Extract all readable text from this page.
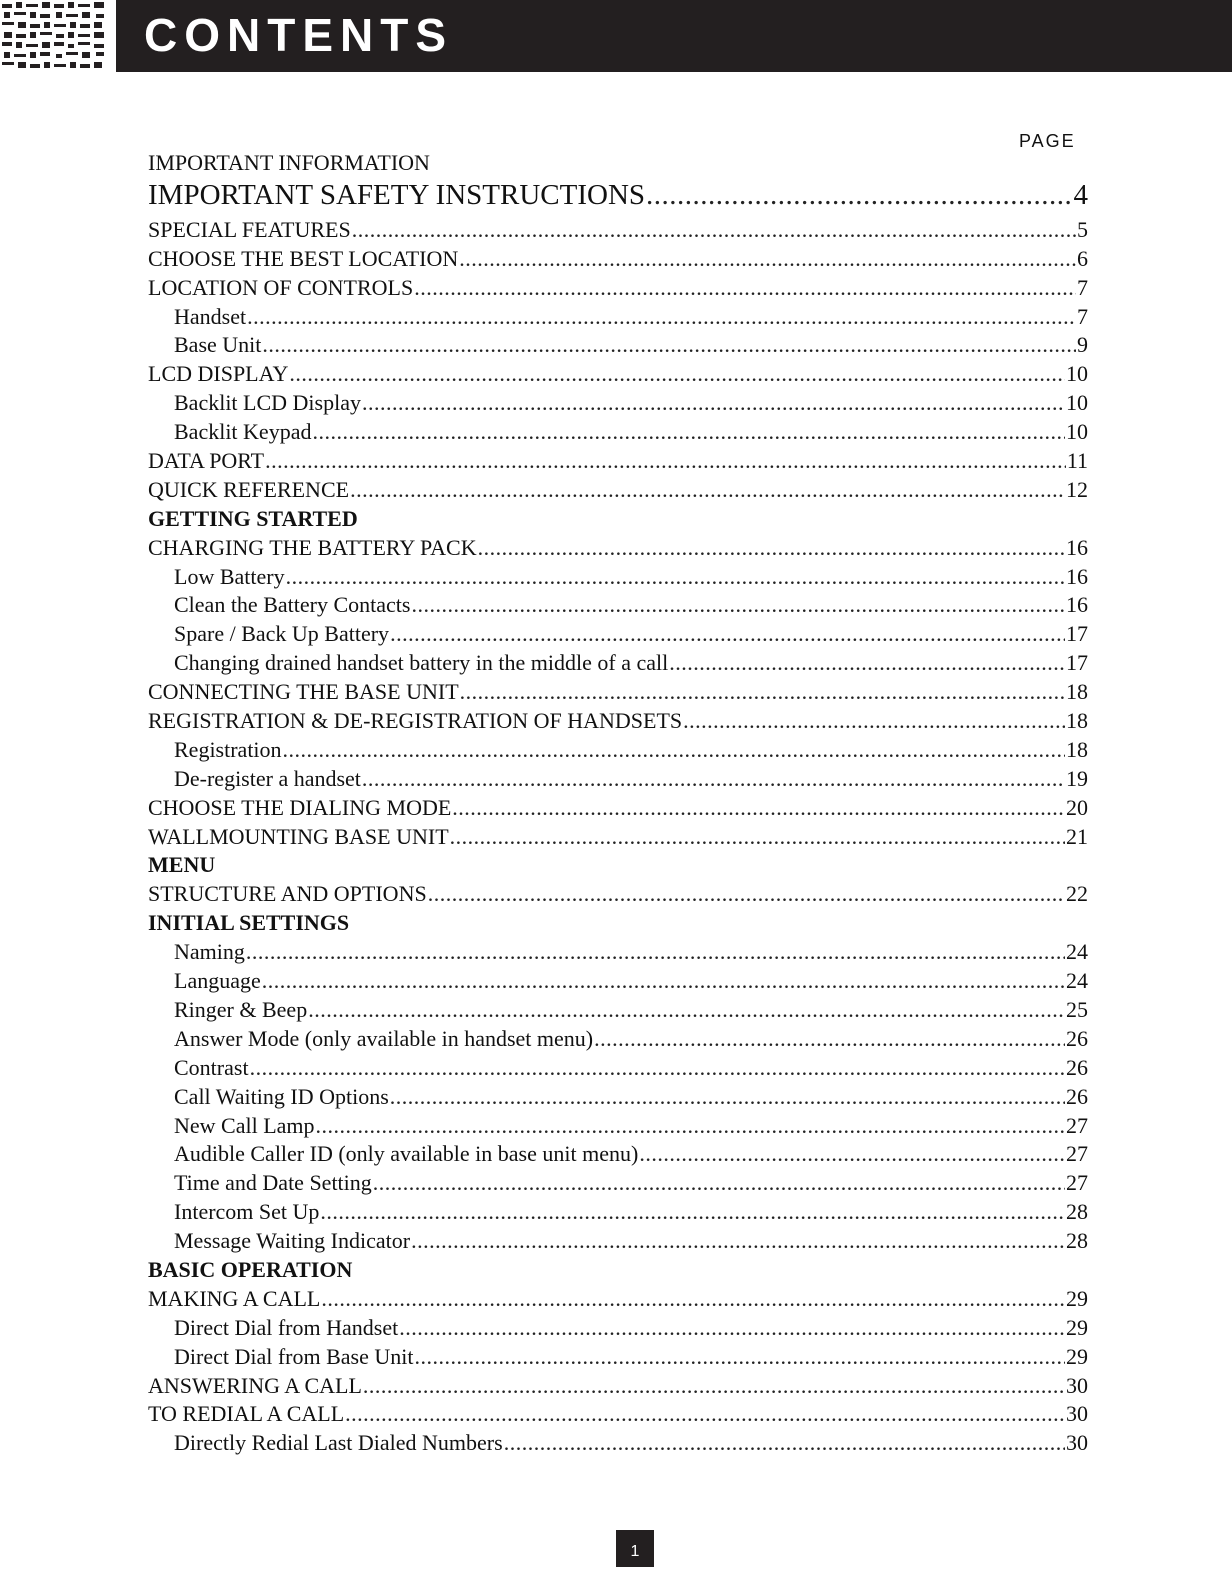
CONTENTS
PAGE
IMPORTANT INFORMATION
IMPORTANT SAFETY INSTRUCTIONS .....	4
SPECIAL FEATURES .....	5
CHOOSE THE BEST LOCATION .....	6
LOCATION OF CONTROLS .....	7
Handset .....	7
Base Unit .....	9
LCD DISPLAY .....	10
Backlit LCD Display .....	10
Backlit Keypad .....	10
DATA PORT .....	11
QUICK REFERENCE .....	12
GETTING STARTED
CHARGING THE BATTERY PACK .....	16
Low Battery .....	16
Clean the Battery Contacts .....	16
Spare / Back Up Battery .....	17
Changing drained handset battery in the middle of a call .....	17
CONNECTING THE BASE UNIT .....	18
REGISTRATION & DE-REGISTRATION OF HANDSETS .....	18
Registration .....	18
De-register a handset .....	19
CHOOSE THE DIALING MODE .....	20
WALLMOUNTING BASE UNIT .....	21
MENU
STRUCTURE AND OPTIONS .....	22
INITIAL SETTINGS
Naming .....	24
Language .....	24
Ringer & Beep .....	25
Answer Mode (only available in handset menu) .....	26
Contrast .....	26
Call Waiting ID Options .....	26
New Call Lamp .....	27
Audible Caller ID (only available in base unit menu) .....	27
Time and Date Setting .....	27
Intercom Set Up .....	28
Message Waiting Indicator .....	28
BASIC OPERATION
MAKING A CALL .....	29
Direct Dial from Handset .....	29
Direct Dial from Base Unit .....	29
ANSWERING A CALL .....	30
TO REDIAL A CALL .....	30
Directly Redial Last Dialed Numbers .....	30
1
